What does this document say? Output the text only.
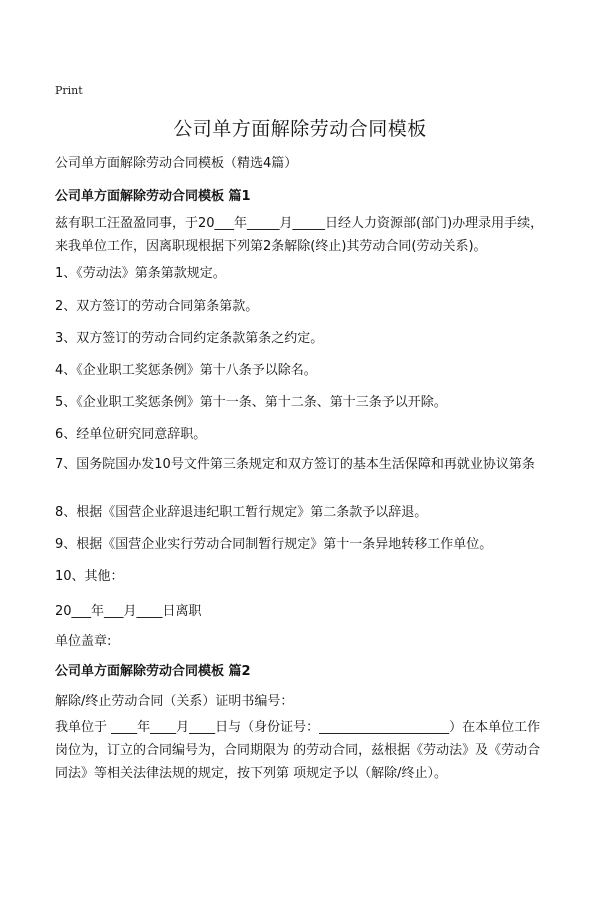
Print
公司单方面解除劳动合同模板
公司单方面解除劳动合同模板（精选4篇）
公司单方面解除劳动合同模板 篇1
兹有职工汪盈盈同事，于20___年_____月_____日经人力资源部(部门)办理录用手续，来我单位工作，因离职现根据下列第2条解除(终止)其劳动合同(劳动关系)。
1、《劳动法》第条第款规定。
2、双方签订的劳动合同第条第款。
3、双方签订的劳动合同约定条款第条之约定。
4、《企业职工奖惩条例》第十八条予以除名。
5、《企业职工奖惩条例》第十一条、第十二条、第十三条予以开除。
6、经单位研究同意辞职。
7、国务院国办发10号文件第三条规定和双方签订的基本生活保障和再就业协议第条
8、根据《国营企业辞退违纪职工暂行规定》第二条款予以辞退。
9、根据《国营企业实行劳动合同制暂行规定》第十一条异地转移工作单位。
10、其他：
20___年___月____日离职
单位盖章:
公司单方面解除劳动合同模板 篇2
解除/终止劳动合同（关系）证明书编号：
我单位于 ____年____月____日与（身份证号：____________________）在本单位工作岗位为，订立的合同编号为，合同期限为 的劳动合同，兹根据《劳动法》及《劳动合同法》等相关法律法规的规定，按下列第 项规定予以（解除/终止）。
